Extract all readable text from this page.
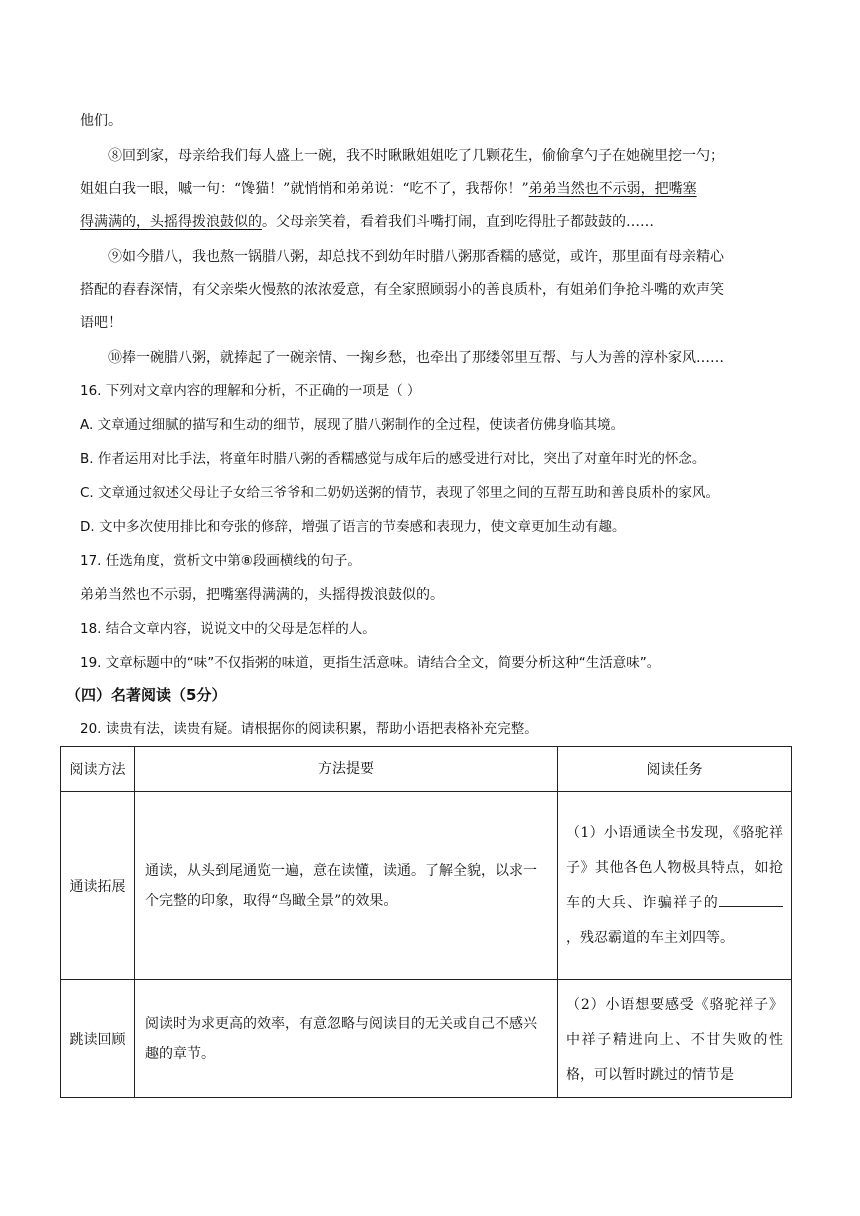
他们。
⑧回到家，母亲给我们每人盛上一碗，我不时瞅瞅姐姐吃了几颗花生，偷偷拿勺子在她碗里挖一勺；
姐姐白我一眼，嘁一句：“馋猫！”就悄悄和弟弟说：“吃不了，我帮你！”弟弟当然也不示弱，把嘴塞
得满满的，头摇得拨浪鼓似的。父母亲笑着，看着我们斗嘴打闹，直到吃得肚子都鼓鼓的……
⑨如今腊八，我也熬一锅腊八粥，却总找不到幼年时腊八粥那香糯的感觉，或许，那里面有母亲精心
搭配的舂舂深情，有父亲柴火慢熬的浓浓爱意，有全家照顾弱小的善良质朴，有姐弟们争抢斗嘴的欢声笑
语吧！
⑩捧一碗腊八粥，就捧起了一碗亲情、一掬乡愁，也牵出了那缕邻里互帮、与人为善的淳朴家风……
16. 下列对文章内容的理解和分析，不正确的一项是（ ）
A. 文章通过细腻的描写和生动的细节，展现了腊八粥制作的全过程，使读者仿佛身临其境。
B. 作者运用对比手法，将童年时腊八粥的香糯感觉与成年后的感受进行对比，突出了对童年时光的怀念。
C. 文章通过叙述父母让子女给三爷爷和二奶奶送粥的情节，表现了邻里之间的互帮互助和善良质朴的家风。
D. 文中多次使用排比和夸张的修辞，增强了语言的节奏感和表现力，使文章更加生动有趣。
17. 任选角度，赏析文中第⑧段画横线的句子。
弟弟当然也不示弱，把嘴塞得满满的，头摇得拨浪鼓似的。
18. 结合文章内容，说说文中的父母是怎样的人。
19. 文章标题中的“味”不仅指粥的味道，更指生活意味。请结合全文，简要分析这种“生活意味”。
（四）名著阅读（5分）
20. 读贵有法，读贵有疑。请根据你的阅读积累，帮助小语把表格补充完整。
阅读方法	方法提要	阅读任务
通读拓展	通读，从头到尾通览一遍，意在读懂，读通。了解全貌，以求一个完整的印象，取得“鸟瞰全景”的效果。	（1）小语通读全书发现，《骆驼祥子》其他各色人物极具特点，如抢车的大兵、诈骗祥子的，残忍霸道的车主刘四等。
跳读回顾	阅读时为求更高的效率，有意忽略与阅读目的无关或自己不感兴趣的章节。	（2）小语想要感受《骆驼祥子》中祥子精进向上、不甘失败的性格，可以暂时跳过的情节是
